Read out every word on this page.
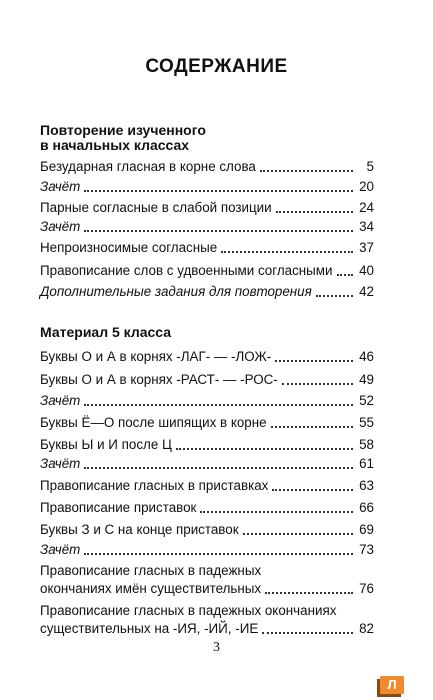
СОДЕРЖАНИЕ
Повторение изученного
в начальных классах
Безударная гласная в корне слова	5
Зачёт	20
Парные согласные в слабой позиции	24
Зачёт	34
Непроизносимые согласные	37
Правописание слов с удвоенными согласными 40
Дополнительные задания для повторения	42
Материал 5 класса
Буквы О и А в корнях -ЛАГ- — -ЛОЖ-	46
Буквы О и А в корнях -РАСТ- — -РОС-	49
Зачёт	52
Буквы Ё—О после шипящих в корне	55
Буквы Ы и И после Ц	58
Зачёт	61
Правописание гласных в приставках	63
Правописание приставок	66
Буквы З и С на конце приставок	69
Зачёт	73
Правописание гласных в падежных
окончаниях имён существительных	76
Правописание гласных в падежных окончаниях
существительных на -ИЯ, -ИЙ, -ИЕ	82
3
Л
